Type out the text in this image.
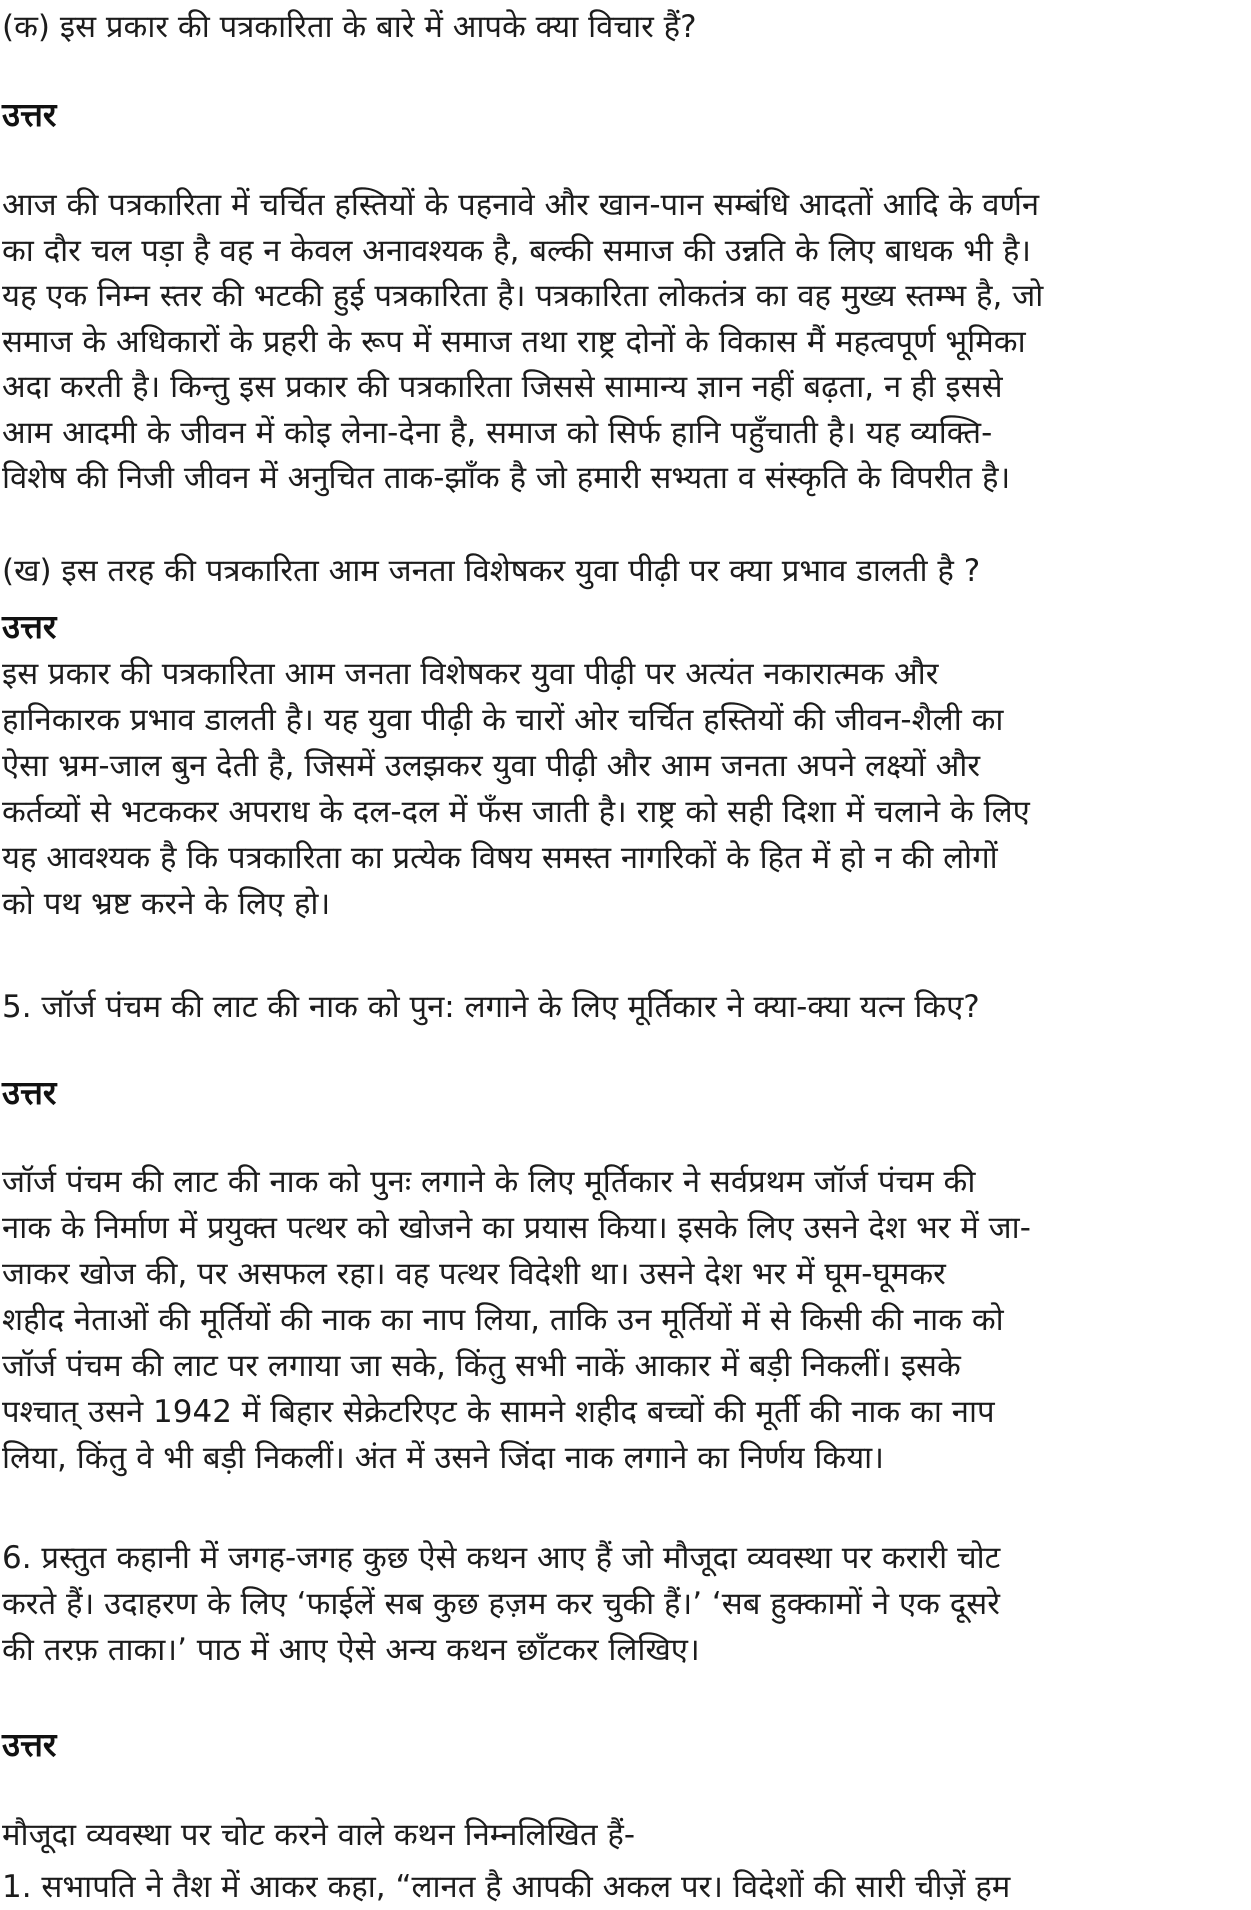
(क) इस प्रकार की पत्रकारिता के बारे में आपके क्या विचार हैं?
उत्तर
आज की पत्रकारिता में चर्चित हस्तियों के पहनावे और खान-पान सम्बंधि आदतों आदि के वर्णन
का दौर चल पड़ा है वह न केवल अनावश्यक है, बल्की समाज की उन्नति के लिए बाधक भी है।
यह एक निम्न स्तर की भटकी हुई पत्रकारिता है। पत्रकारिता लोकतंत्र का वह मुख्य स्तम्भ है, जो
समाज के अधिकारों के प्रहरी के रूप में समाज तथा राष्ट्र दोनों के विकास मैं महत्वपूर्ण भूमिका
अदा करती है। किन्तु इस प्रकार की पत्रकारिता जिससे सामान्य ज्ञान नहीं बढ़ता, न ही इससे
आम आदमी के जीवन में कोइ लेना-देना है, समाज को सिर्फ हानि पहुँचाती है। यह व्यक्ति-
विशेष की निजी जीवन में अनुचित ताक-झाँक है जो हमारी सभ्यता व संस्कृति के विपरीत है।
(ख) इस तरह की पत्रकारिता आम जनता विशेषकर युवा पीढ़ी पर क्या प्रभाव डालती है ?
उत्तर
इस प्रकार की पत्रकारिता आम जनता विशेषकर युवा पीढ़ी पर अत्यंत नकारात्मक और
हानिकारक प्रभाव डालती है। यह युवा पीढ़ी के चारों ओर चर्चित हस्तियों की जीवन-शैली का
ऐसा भ्रम-जाल बुन देती है, जिसमें उलझकर युवा पीढ़ी और आम जनता अपने लक्ष्यों और
कर्तव्यों से भटककर अपराध के दल-दल में फँस जाती है। राष्ट्र को सही दिशा में चलाने के लिए
यह आवश्यक है कि पत्रकारिता का प्रत्येक विषय समस्त नागरिकों के हित में हो न की लोगों
को पथ भ्रष्ट करने के लिए हो।
5. जॉर्ज पंचम की लाट की नाक को पुन: लगाने के लिए मूर्तिकार ने क्या-क्या यत्न किए?
उत्तर
जॉर्ज पंचम की लाट की नाक को पुनः लगाने के लिए मूर्तिकार ने सर्वप्रथम जॉर्ज पंचम की
नाक के निर्माण में प्रयुक्त पत्थर को खोजने का प्रयास किया। इसके लिए उसने देश भर में जा-
जाकर खोज की, पर असफल रहा। वह पत्थर विदेशी था। उसने देश भर में घूम-घूमकर
शहीद नेताओं की मूर्तियों की नाक का नाप लिया, ताकि उन मूर्तियों में से किसी की नाक को
जॉर्ज पंचम की लाट पर लगाया जा सके, किंतु सभी नाकें आकार में बड़ी निकलीं। इसके
पश्चात् उसने 1942 में बिहार सेक्रेटरिएट के सामने शहीद बच्चों की मूर्ती की नाक का नाप
लिया, किंतु वे भी बड़ी निकलीं। अंत में उसने जिंदा नाक लगाने का निर्णय किया।
6. प्रस्तुत कहानी में जगह-जगह कुछ ऐसे कथन आए हैं जो मौजूदा व्यवस्था पर करारी चोट
करते हैं। उदाहरण के लिए ‘फाईलें सब कुछ हज़म कर चुकी हैं।’ ‘सब हुक्कामों ने एक दूसरे
की तरफ़ ताका।’ पाठ में आए ऐसे अन्य कथन छाँटकर लिखिए।
उत्तर
मौजूदा व्यवस्था पर चोट करने वाले कथन निम्नलिखित हैं-
1. सभापति ने तैश में आकर कहा, “लानत है आपकी अकल पर। विदेशों की सारी चीज़ें हम
